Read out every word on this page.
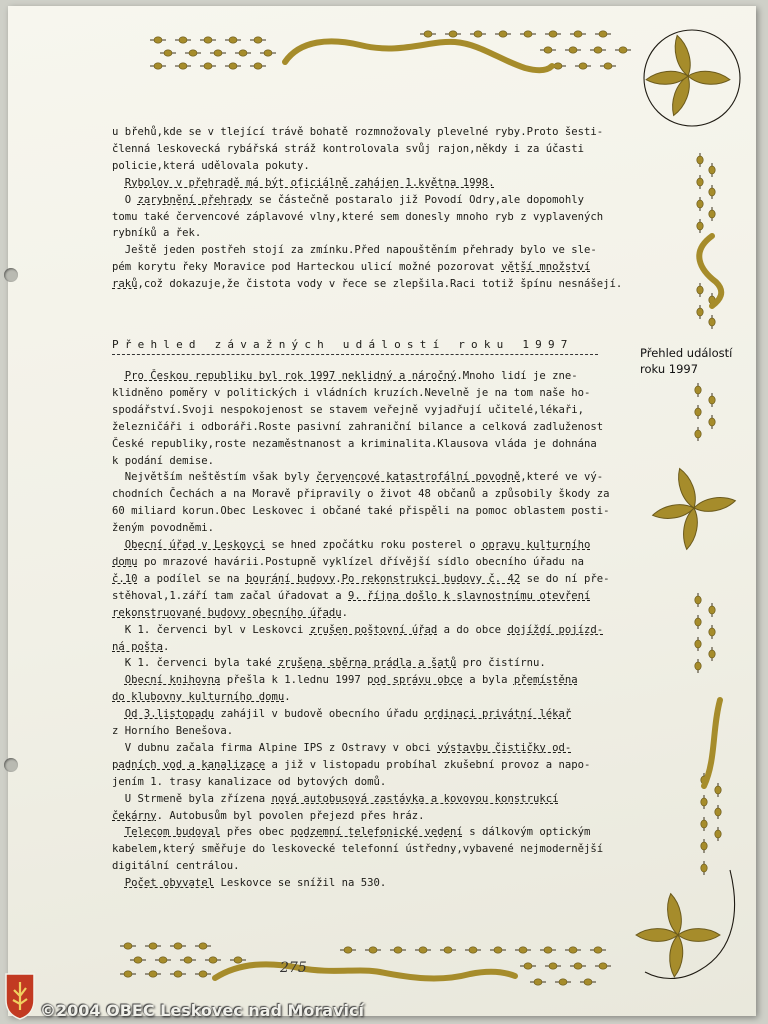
u břehů,kde se v tlející trávě bohatě rozmnožovaly plevelné ryby.Proto šesti-
členná leskovecká rybářská stráž kontrolovala svůj rajon,někdy i za účasti
policie,která udělovala pokuty.
Rybolov v přehradě má být oficiálně zahájen 1.května 1998.
O zarybnění přehrady se částečně postaralo již Povodí Odry,ale dopomohly
tomu také červencové záplavové vlny,které sem donesly mnoho ryb z vyplavených
rybníků a řek.
Ještě jeden postřeh stojí za zmínku.Před napouštěním přehrady bylo ve sle-
pém korytu řeky Moravice pod Harteckou ulicí možné pozorovat větší množství
raků,což dokazuje,že čistota vody v řece se zlepšila.Raci totiž špínu nesnášejí.
Přehled závažných událostí roku 1997
Přehled událostí
roku 1997
Pro Českou republiku byl rok 1997 neklidný a náročný.Mnoho lidí je zne-
klidněno poměry v politických i vládních kruzích.Nevelně je na tom naše ho-
spodářství.Svoji nespokojenost se stavem veřejně vyjadřují učitelé,lékaři,
železničáři i odboráři.Roste pasivní zahraniční bilance a celková zadluženost
České republiky,roste nezaměstnanost a kriminalita.Klausova vláda je dohnána
k podání demise.
Největším neštěstím však byly červencové katastrofální povodně,které ve vý-
chodních Čechách a na Moravě připravily o život 48 občanů a způsobily škody za
60 miliard korun.Obec Leskovec i občané také přispěli na pomoc oblastem posti-
ženým povodněmi.
Obecní úřad v Leskovci se hned zpočátku roku posterel o opravu kulturního
domu po mrazové havárii.Postupně vyklízel dřívější sídlo obecního úřadu na
č.10 a podílel se na bourání budovy.Po rekonstrukci budovy č. 42 se do ní pře-
stěhoval,1.září tam začal úřadovat a 9. října došlo k slavnostnímu otevření
rekonstruované budovy obecního úřadu.
K 1. červenci byl v Leskovci zrušen poštovní úřad a do obce dojíždí pojízd-
ná pošta.
K 1. červenci byla také zrušena sběrna prádla a šatů pro čistírnu.
Obecní knihovna přešla k 1.lednu 1997 pod správu obce a byla přemístěna
do klubovny kulturního domu.
Od 3.listopadu zahájil v budově obecního úřadu ordinaci privátní lékař
z Horního Benešova.
V dubnu začala firma Alpine IPS z Ostravy v obci výstavbu čističky od-
padních vod a kanalizace a již v listopadu probíhal zkušební provoz a napo-
jením 1. trasy kanalizace od bytových domů.
U Strmeně byla zřízena nová autobusová zastávka a kovovou konstrukcí
čekárny. Autobusům byl povolen přejezd přes hráz.
Telecom budoval přes obec podzemní telefonické vedení s dálkovým optickým
kabelem,který směřuje do leskovecké telefonní ústředny,vybavené nejmodernější
digitální centrálou.
Počet obyvatel Leskovce se snížil na 530.
275
©2004 OBEC Leskovec nad Moravicí
